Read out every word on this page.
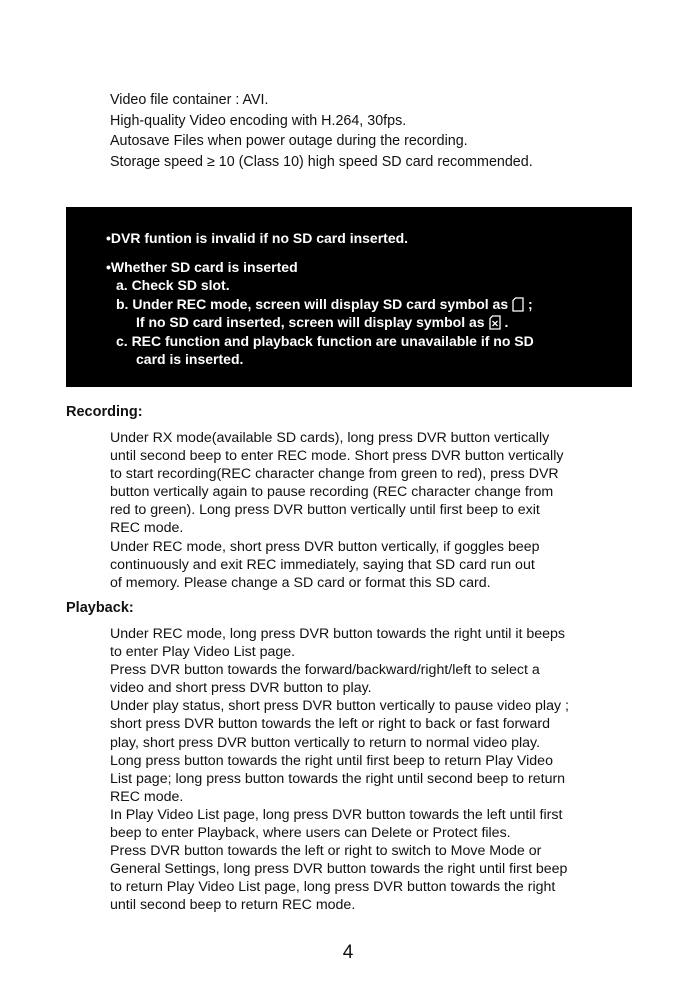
Video file container : AVI.

High-quality Video encoding with H.264, 30fps.

Autosave Files when power outage during the recording.

Storage speed ≥ 10 (Class 10) high speed SD card recommended.

•DVR funtion is invalid if no SD card inserted.

•Whether SD card is inserted

a. Check SD slot.

b. Under REC mode, screen will display SD card symbol as
;

If no SD card inserted, screen will display symbol as
.

c. REC function and playback function are unavailable if no SD

card is inserted.

Recording:

Under RX mode(available SD cards), long press DVR button vertically

until second beep to enter REC mode. Short press DVR button vertically

to start recording(REC character change from green to red), press DVR

button vertically again to pause recording (REC character change from

red to green). Long press DVR button vertically until first beep to exit

REC mode.

Under REC mode, short press DVR button vertically, if goggles beep

continuously and exit REC immediately, saying that SD card run out

of memory. Please change a SD card or format this SD card.

Playback:

Under REC mode, long press DVR button towards the right until it beeps

to enter Play Video List page.

Press DVR button towards the forward/backward/right/left to select a

video and short press DVR button to play.

Under play status, short press DVR button vertically to pause video play ;

short press DVR button towards the left or right to back or fast forward

play, short press DVR button vertically to return to normal video play.

Long press button towards the right until first beep to return Play Video

List page; long press button towards the right until second beep to return

REC mode.

In Play Video List page, long press DVR button towards the left until first

beep to enter Playback, where users can Delete or Protect files.

Press DVR button towards the left or right to switch to Move Mode or

General Settings, long press DVR button towards the right until first beep

to return Play Video List page, long press DVR button towards the right

until second beep to return REC mode.

4
